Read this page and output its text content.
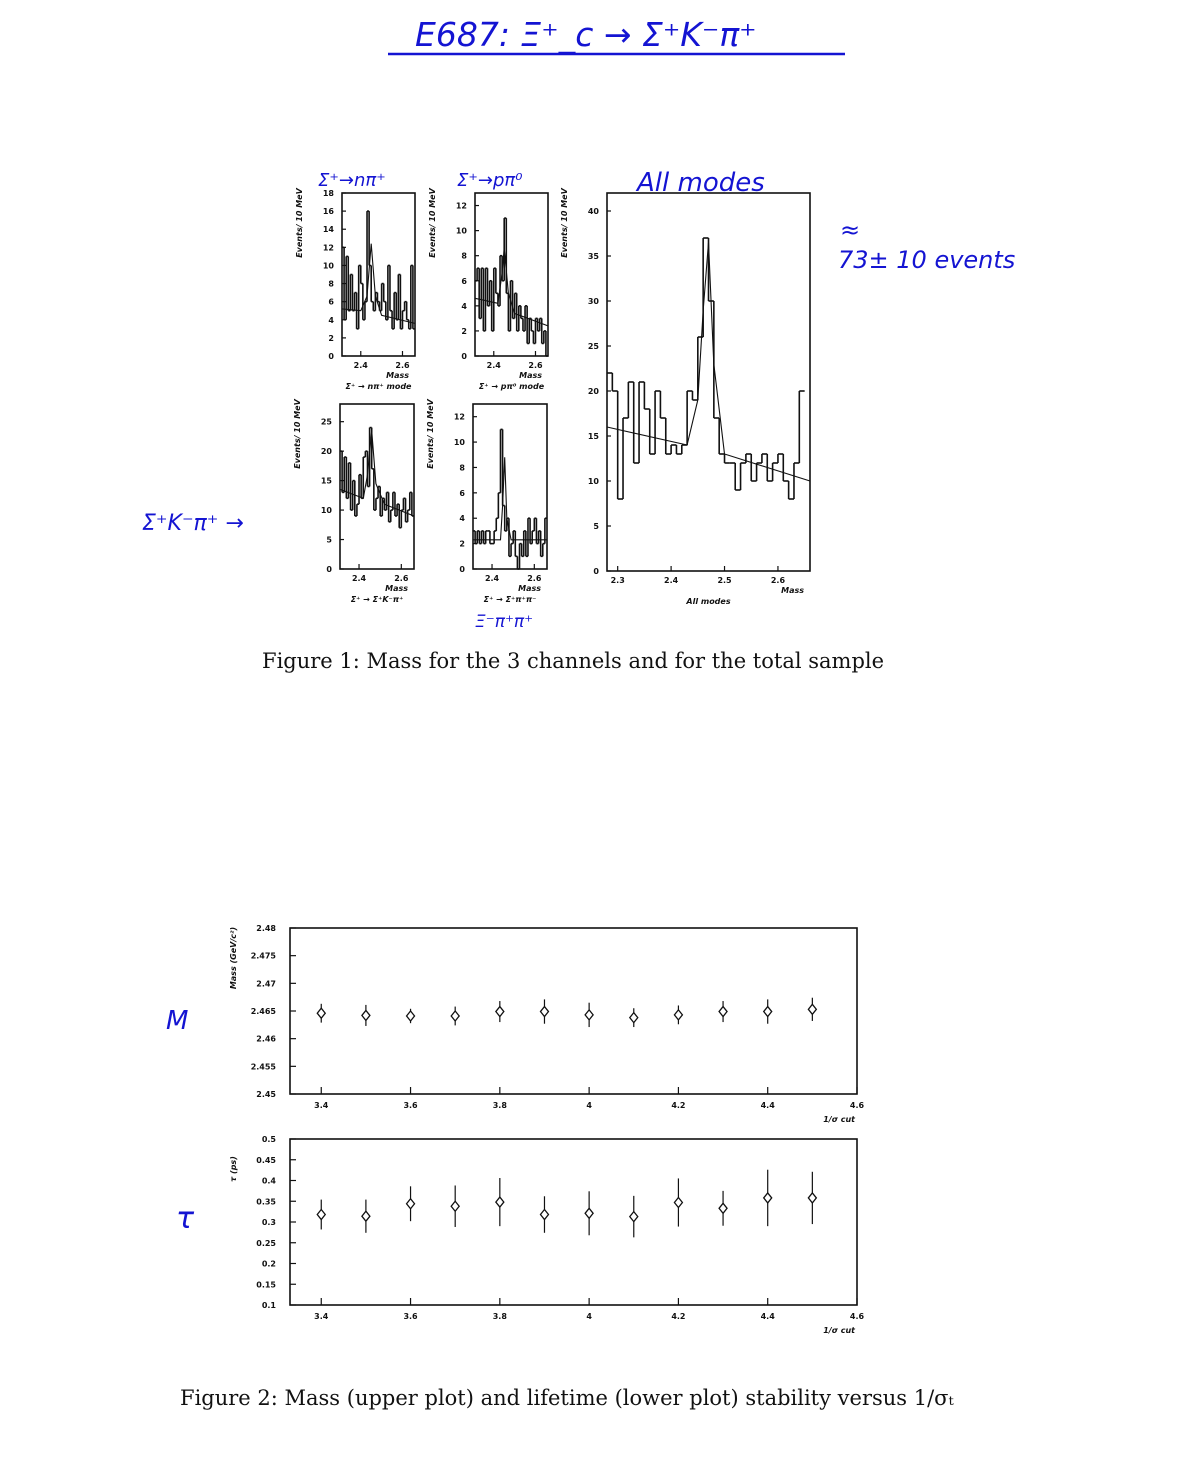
E687: Ξ⁺_c → Σ⁺K⁻π⁺
≈ 73± 10 events
Σ⁺K⁻π⁺ →
0
2
4
6
8
10
12
14
16
18
2.4	2.6
Mass
Σ⁺ → nπ⁺ mode
Events/ 10 MeV
Σ⁺→nπ⁺
0
2
4
6
8
10
12
2.4	2.6
Mass
Σ⁺ → pπ⁰ mode
Events/ 10 MeV
Σ⁺→pπ⁰
0
5
10
15
20
25
2.4	2.6
Mass
Σ⁺ → Σ⁺K⁻π⁺
Events/ 10 MeV
0
2
4
6
8
10
12
2.4	2.6
Mass
Σ⁺ → Σ⁺π⁺π⁻
Events/ 10 MeV
Ξ⁻π⁺π⁺
0
5
10
15
20
25
30
35
40
2.3	2.4	2.5	2.6
Mass
All modes
Events/ 10 MeV
All modes
Figure 1: Mass for the 3 channels and for the total sample
M
τ
2.45
2.455
2.46
2.465
2.47
2.475
2.48
3.4	3.6	3.8	4	4.2	4.4	4.6
1/σ cut
Mass (GeV/c²)
0.1
0.15
0.2
0.25
0.3
0.35
0.4
0.45
0.5
3.4	3.6	3.8	4	4.2	4.4	4.6
1/σ cut
τ (ps)
Figure 2: Mass (upper plot) and lifetime (lower plot) stability versus 1/σₜ
